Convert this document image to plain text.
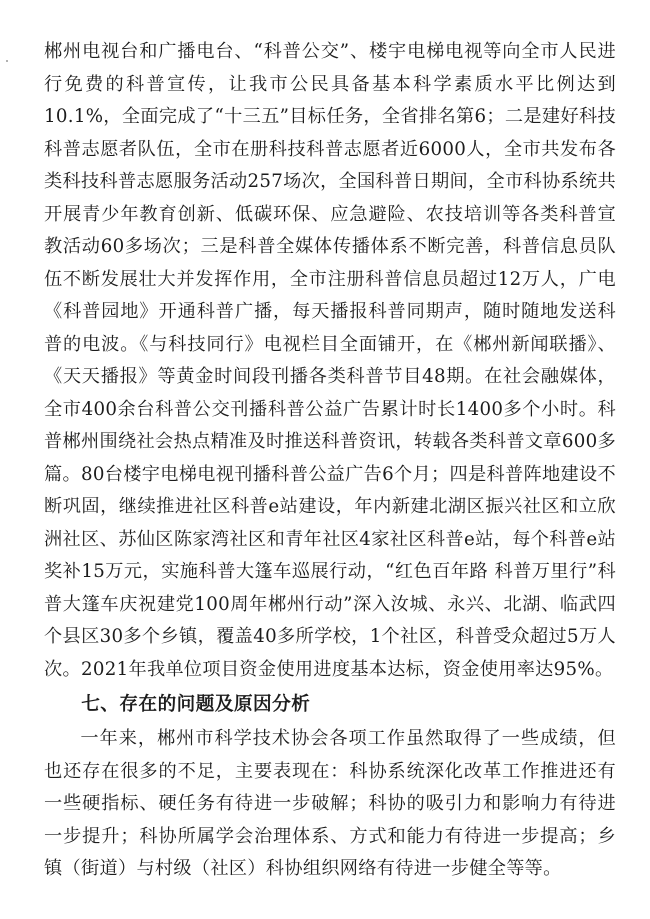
郴州电视台和广播电台、“科普公交”、楼宇电梯电视等向全市人民进行免费的科普宣传，让我市公民具备基本科学素质水平比例达到10.1%，全面完成了“十三五”目标任务，全省排名第6；二是建好科技科普志愿者队伍，全市在册科技科普志愿者近6000人，全市共发布各类科技科普志愿服务活动257场次，全国科普日期间，全市科协系统共开展青少年教育创新、低碳环保、应急避险、农技培训等各类科普宣教活动60多场次；三是科普全媒体传播体系不断完善，科普信息员队伍不断发展壮大并发挥作用，全市注册科普信息员超过12万人，广电《科普园地》开通科普广播，每天播报科普同期声，随时随地发送科普的电波。《与科技同行》电视栏目全面铺开，在《郴州新闻联播》、《天天播报》等黄金时间段刊播各类科普节目48期。在社会融媒体，全市400余台科普公交刊播科普公益广告累计时长1400多个小时。科普郴州围绕社会热点精准及时推送科普资讯，转载各类科普文章600多篇。80台楼宇电梯电视刊播科普公益广告6个月；四是科普阵地建设不断巩固，继续推进社区科普e站建设，年内新建北湖区振兴社区和立欣洲社区、苏仙区陈家湾社区和青年社区4家社区科普e站，每个科普e站奖补15万元，实施科普大篷车巡展行动，“红色百年路 科普万里行”科普大篷车庆祝建党100周年郴州行动”深入汝城、永兴、北湖、临武四个县区30多个乡镇，覆盖40多所学校，1个社区，科普受众超过5万人次。2021年我单位项目资金使用进度基本达标，资金使用率达95%。

七、存在的问题及原因分析

一年来，郴州市科学技术协会各项工作虽然取得了一些成绩，但也还存在很多的不足，主要表现在：科协系统深化改革工作推进还有一些硬指标、硬任务有待进一步破解；科协的吸引力和影响力有待进一步提升；科协所属学会治理体系、方式和能力有待进一步提高；乡镇（街道）与村级（社区）科协组织网络有待进一步健全等等。
